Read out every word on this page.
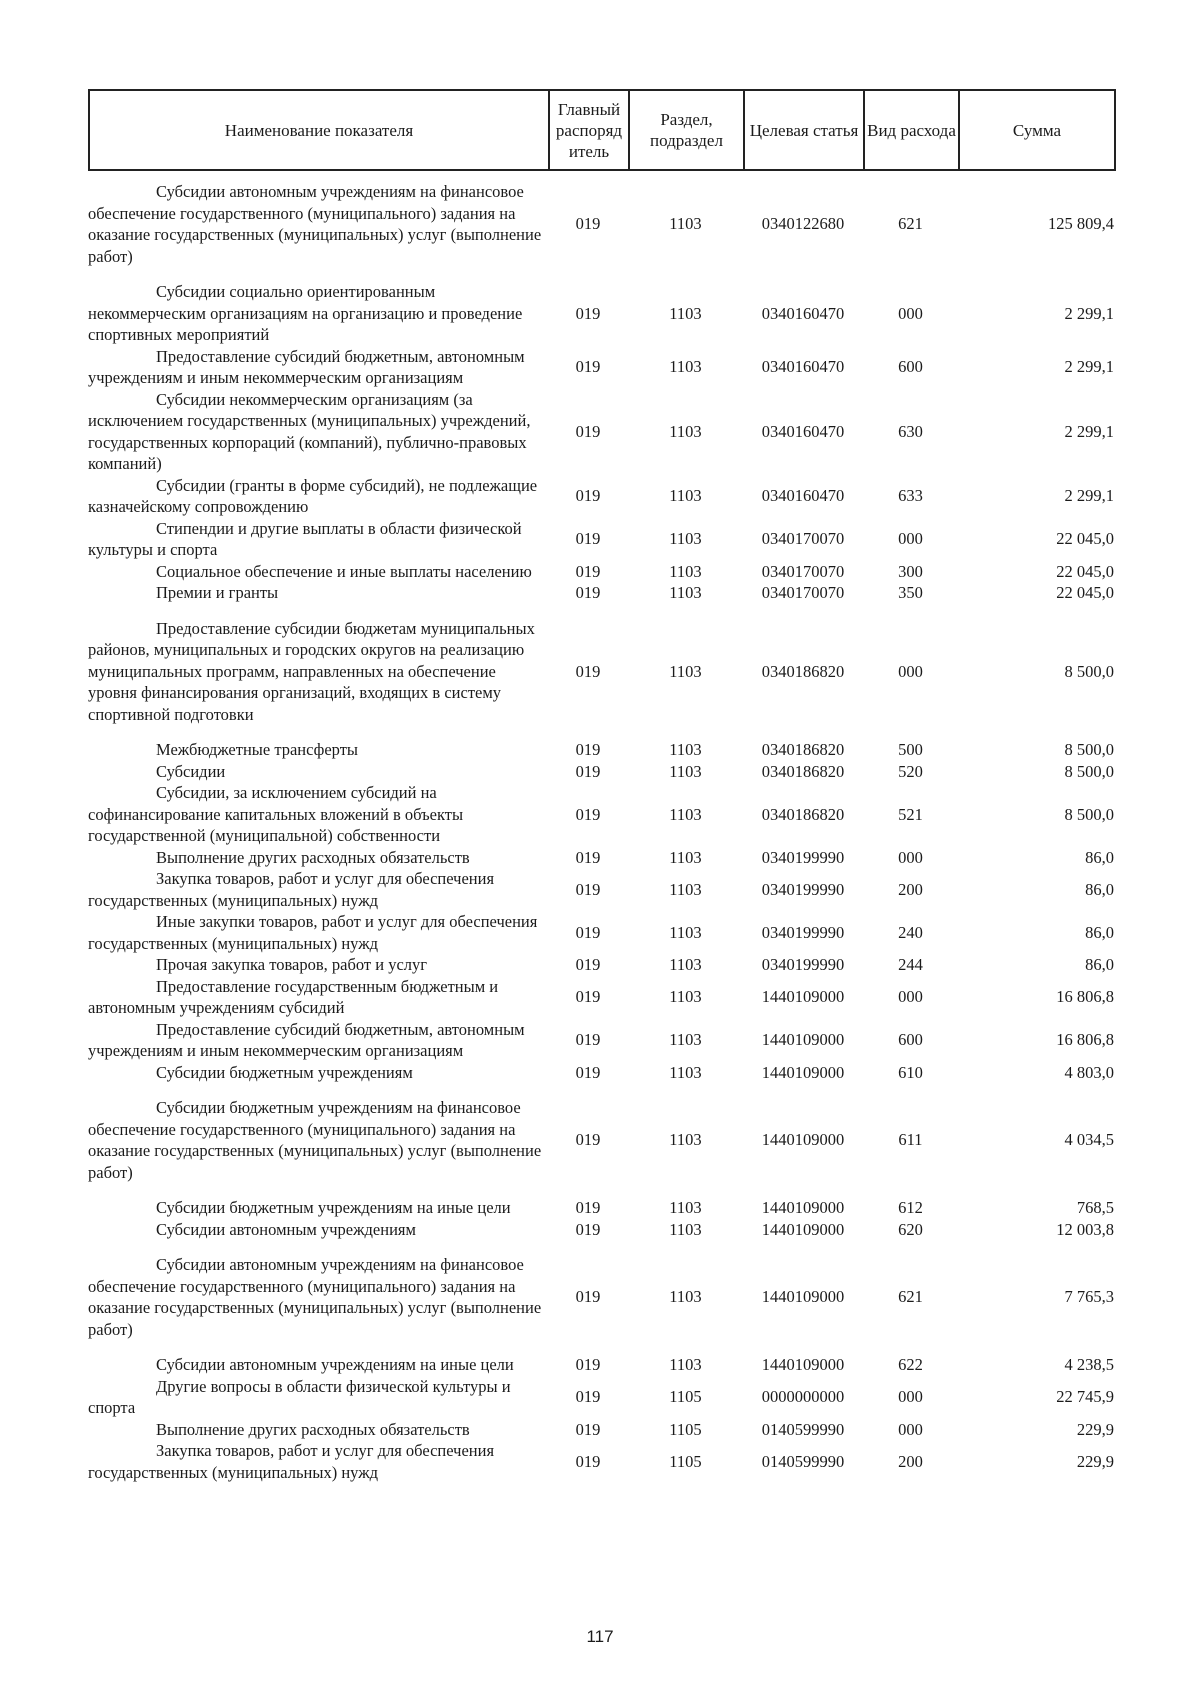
Наименование показателя	Главный распоряд итель	Раздел, подраздел	Целевая статья	Вид расхода	Сумма
Субсидии автономным учреждениям на финансовое обеспечение государственного (муниципального) задания на оказание государственных (муниципальных) услуг (выполнение работ)	019	1103	0340122680	621	125 809,4
Субсидии социально ориентированным некоммерческим организациям на организацию и проведение спортивных мероприятий	019	1103	0340160470	000	2 299,1
Предоставление субсидий бюджетным, автономным учреждениям и иным некоммерческим организациям	019	1103	0340160470	600	2 299,1
Субсидии некоммерческим организациям (за исключением государственных (муниципальных) учреждений, государственных корпораций (компаний), публично-правовых компаний)	019	1103	0340160470	630	2 299,1
Субсидии (гранты в форме субсидий), не подлежащие казначейскому сопровождению	019	1103	0340160470	633	2 299,1
Стипендии и другие выплаты в области физической культуры и спорта	019	1103	0340170070	000	22 045,0
Социальное обеспечение и иные выплаты населению	019	1103	0340170070	300	22 045,0
Премии и гранты	019	1103	0340170070	350	22 045,0
Предоставление субсидии бюджетам муниципальных районов, муниципальных и городских округов на реализацию муниципальных программ, направленных на обеспечение уровня финансирования организаций, входящих в систему спортивной подготовки	019	1103	0340186820	000	8 500,0
Межбюджетные трансферты	019	1103	0340186820	500	8 500,0
Субсидии	019	1103	0340186820	520	8 500,0
Субсидии, за исключением субсидий на софинансирование капитальных вложений в объекты государственной (муниципальной) собственности	019	1103	0340186820	521	8 500,0
Выполнение других расходных обязательств	019	1103	0340199990	000	86,0
Закупка товаров, работ и услуг для обеспечения государственных (муниципальных) нужд	019	1103	0340199990	200	86,0
Иные закупки товаров, работ и услуг для обеспечения государственных (муниципальных) нужд	019	1103	0340199990	240	86,0
Прочая закупка товаров, работ и услуг	019	1103	0340199990	244	86,0
Предоставление государственным бюджетным и автономным учреждениям субсидий	019	1103	1440109000	000	16 806,8
Предоставление субсидий бюджетным, автономным учреждениям и иным некоммерческим организациям	019	1103	1440109000	600	16 806,8
Субсидии бюджетным учреждениям	019	1103	1440109000	610	4 803,0
Субсидии бюджетным учреждениям на финансовое обеспечение государственного (муниципального) задания на оказание государственных (муниципальных) услуг (выполнение работ)	019	1103	1440109000	611	4 034,5
Субсидии бюджетным учреждениям на иные цели	019	1103	1440109000	612	768,5
Субсидии автономным учреждениям	019	1103	1440109000	620	12 003,8
Субсидии автономным учреждениям на финансовое обеспечение государственного (муниципального) задания на оказание государственных (муниципальных) услуг (выполнение работ)	019	1103	1440109000	621	7 765,3
Субсидии автономным учреждениям на иные цели	019	1103	1440109000	622	4 238,5
Другие вопросы в области физической культуры и спорта	019	1105	0000000000	000	22 745,9
Выполнение других расходных обязательств	019	1105	0140599990	000	229,9
Закупка товаров, работ и услуг для обеспечения государственных (муниципальных) нужд	019	1105	0140599990	200	229,9
117
